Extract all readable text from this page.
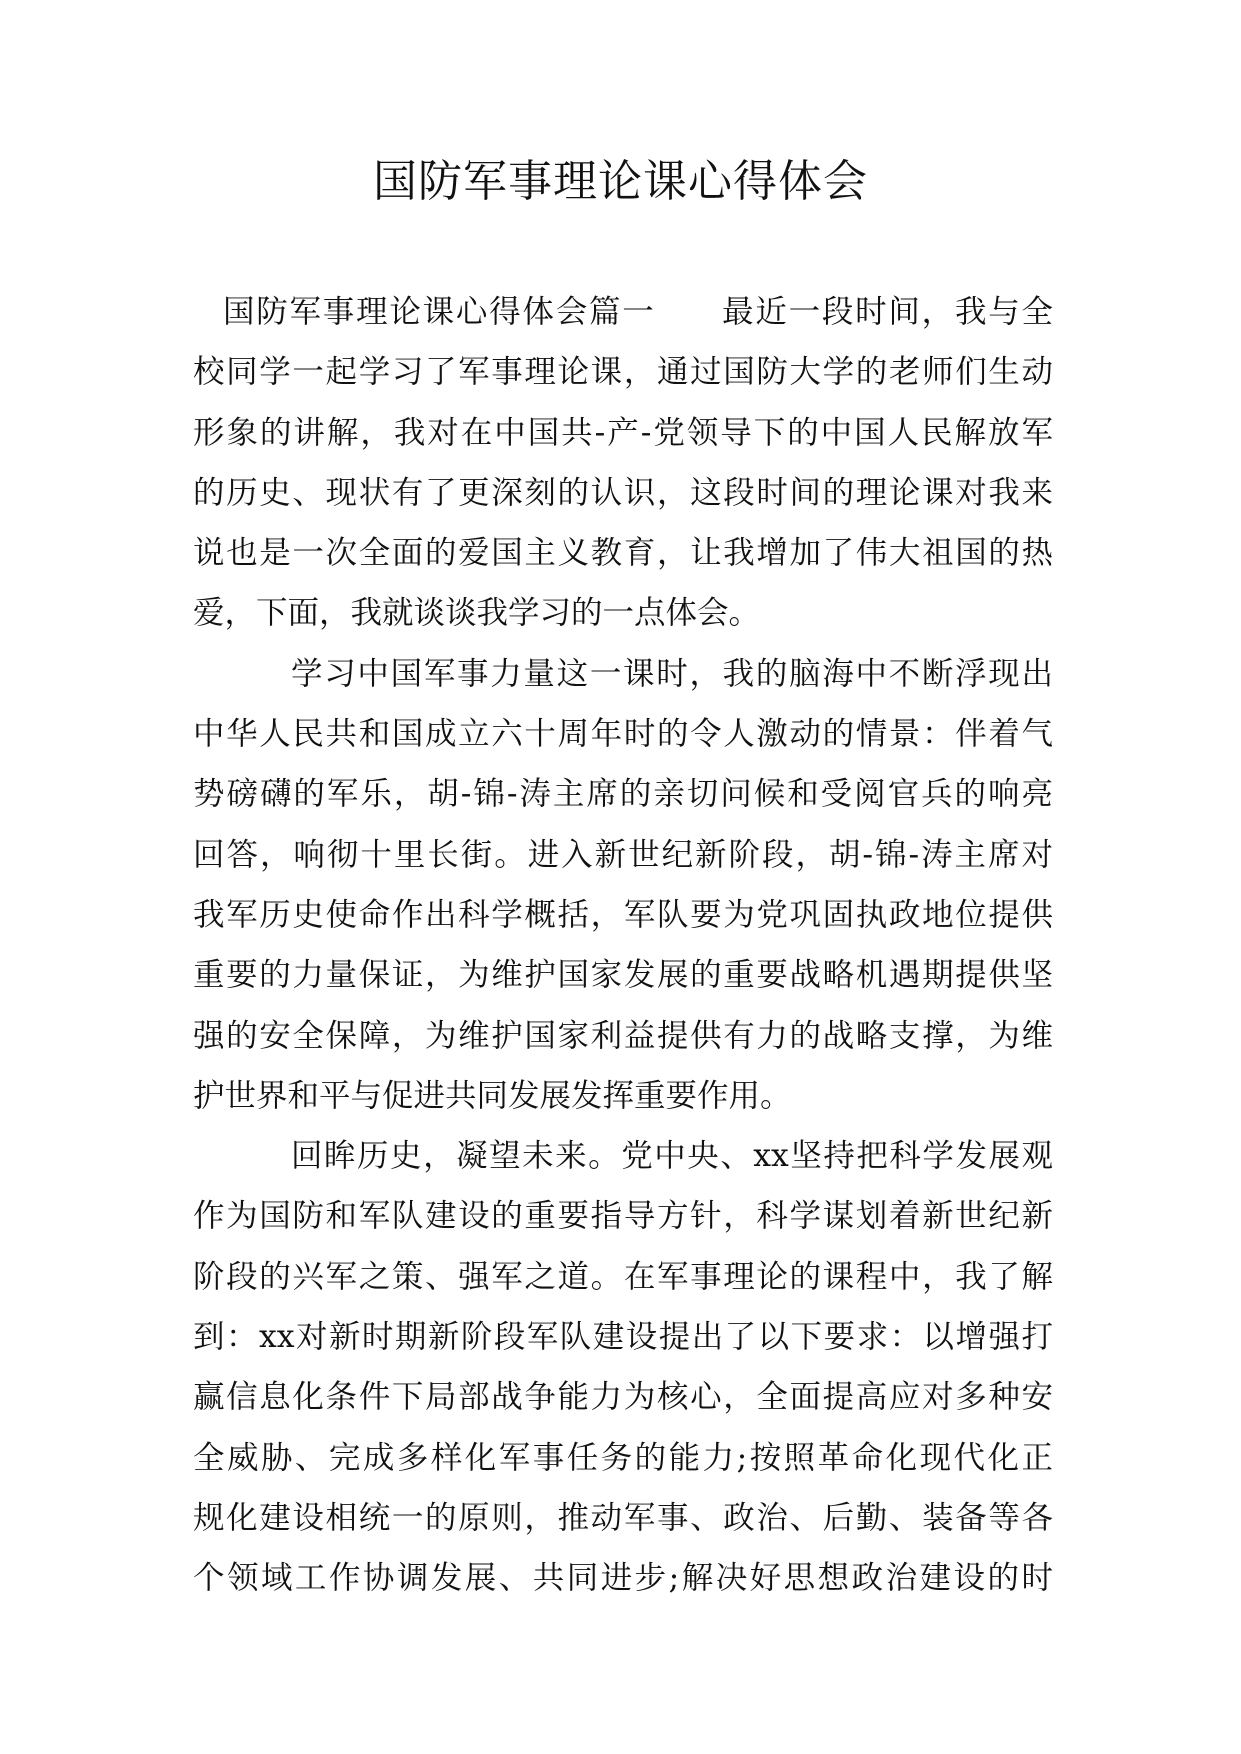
国防军事理论课心得体会
国防军事理论课心得体会篇一　　最近一段时间，我与全
校同学一起学习了军事理论课，通过国防大学的老师们生动
形象的讲解，我对在中国共-产-党领导下的中国人民解放军
的历史、现状有了更深刻的认识，这段时间的理论课对我来
说也是一次全面的爱国主义教育，让我增加了伟大祖国的热
爱，下面，我就谈谈我学习的一点体会。
学习中国军事力量这一课时，我的脑海中不断浮现出
中华人民共和国成立六十周年时的令人激动的情景：伴着气
势磅礴的军乐，胡-锦-涛主席的亲切问候和受阅官兵的响亮
回答，响彻十里长街。进入新世纪新阶段，胡-锦-涛主席对
我军历史使命作出科学概括，军队要为党巩固执政地位提供
重要的力量保证，为维护国家发展的重要战略机遇期提供坚
强的安全保障，为维护国家利益提供有力的战略支撑，为维
护世界和平与促进共同发展发挥重要作用。
回眸历史，凝望未来。党中央、xx坚持把科学发展观
作为国防和军队建设的重要指导方针，科学谋划着新世纪新
阶段的兴军之策、强军之道。在军事理论的课程中，我了解
到：xx对新时期新阶段军队建设提出了以下要求：以增强打
赢信息化条件下局部战争能力为核心，全面提高应对多种安
全威胁、完成多样化军事任务的能力;按照革命化现代化正
规化建设相统一的原则，推动军事、政治、后勤、装备等各
个领域工作协调发展、共同进步;解决好思想政治建设的时
